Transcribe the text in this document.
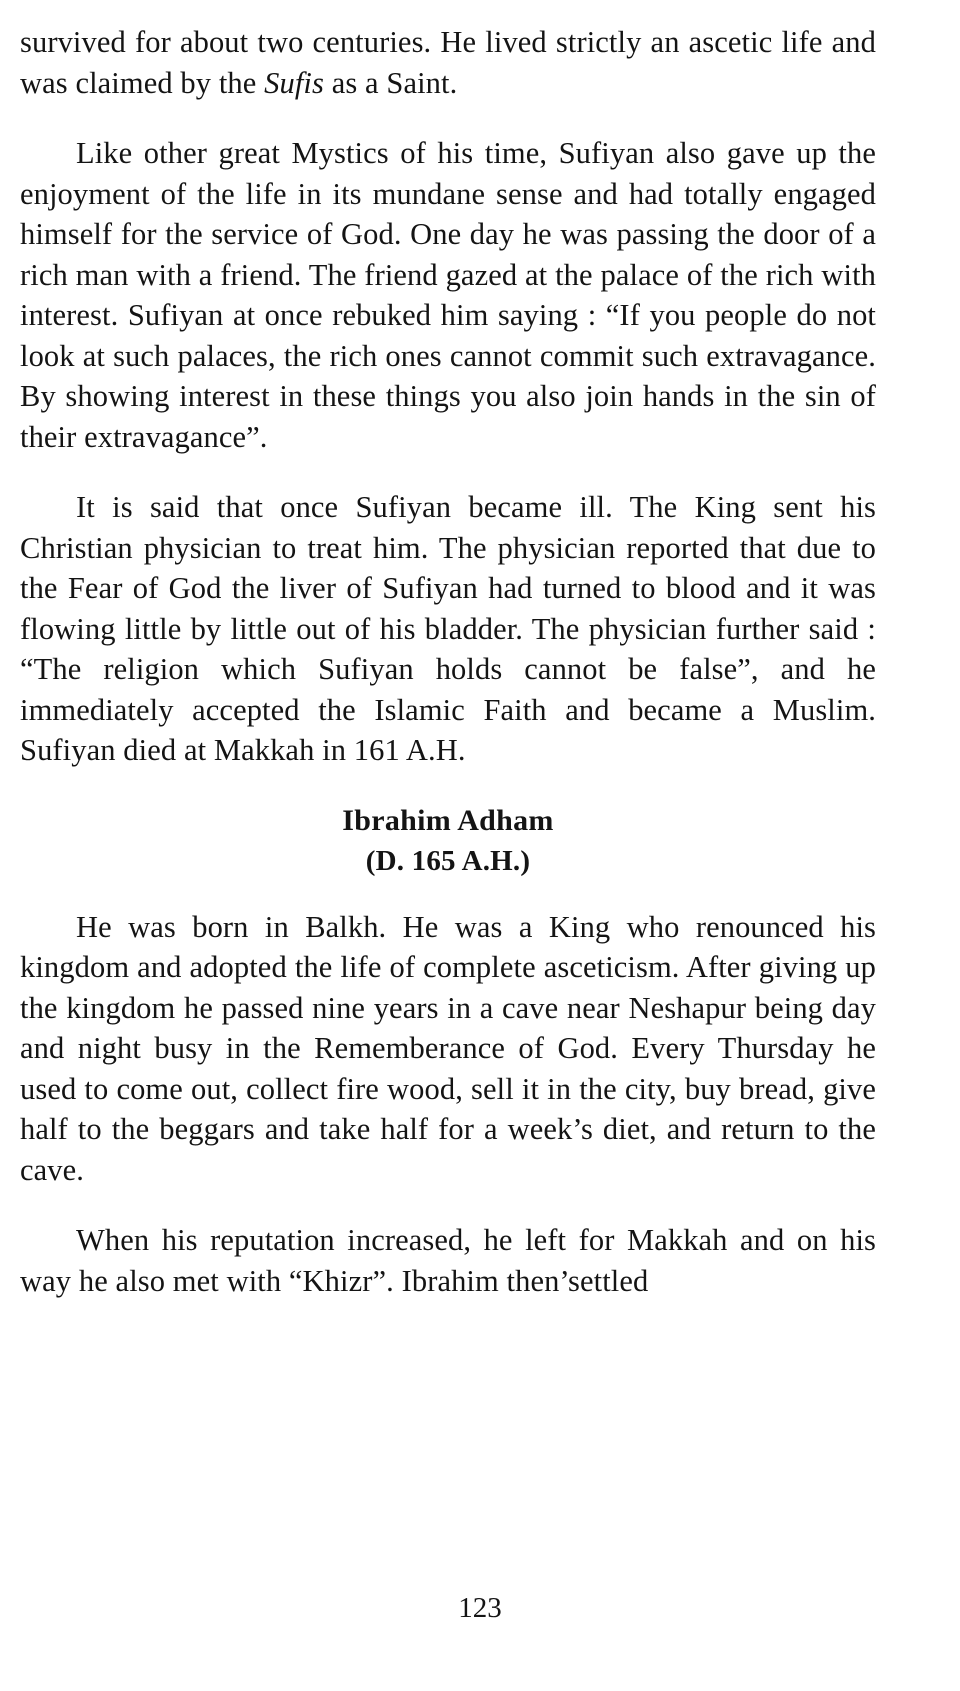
survived for about two centuries. He lived strictly an ascetic life and was claimed by the Sufis as a Saint.

Like other great Mystics of his time, Sufiyan also gave up the enjoyment of the life in its mundane sense and had totally engaged himself for the service of God. One day he was passing the door of a rich man with a friend. The friend gazed at the palace of the rich with interest. Sufiyan at once rebuked him saying : “If you people do not look at such palaces, the rich ones cannot commit such extravagance. By showing interest in these things you also join hands in the sin of their extravagance”.

It is said that once Sufiyan became ill. The King sent his Christian physician to treat him. The physician reported that due to the Fear of God the liver of Sufiyan had turned to blood and it was flowing little by little out of his bladder. The physician further said : “The religion which Sufiyan holds cannot be false”, and he immediately accepted the Islamic Faith and became a Muslim. Sufiyan died at Makkah in 161 A.H.

Ibrahim Adham
(D. 165 A.H.)

He was born in Balkh. He was a King who renounced his kingdom and adopted the life of complete asceticism. After giving up the kingdom he passed nine years in a cave near Neshapur being day and night busy in the Rememberance of God. Every Thursday he used to come out, collect fire wood, sell it in the city, buy bread, give half to the beggars and take half for a week’s diet, and return to the cave.

When his reputation increased, he left for Makkah and on his way he also met with “Khizr”. Ibrahim then’settled

123
